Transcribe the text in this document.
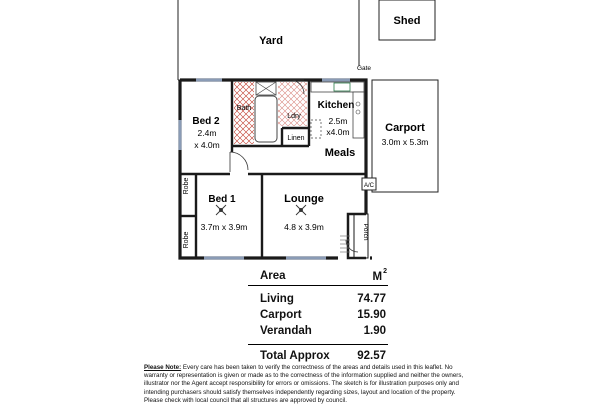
Shed
Yard
Gate
Kitchen
2.5m
x4.0m
Bath
Ldry
Linen
Meals
Bed 2
2.4m
x 4.0m
Carport
3.0m x 5.3m
A/C
Robe
Robe
Bed 1
3.7m x 3.9m
Lounge
4.8 x 3.9m	Porch
Area	$M^2$
Living	74.77
Carport	15.90
Verandah	1.90
Total Approx 92.57
Please Note: Every care has been taken to verify the correctness of the areas and details used in this leaflet. No warranty or representation is given or made as to the correctness of the information supplied and neither the owners, illustrator nor the Agent accept responsibility for errors or omissions. The sketch is for illustration purposes only and intending purchasers should satisfy themselves independently regarding sizes, layout and location of the property. Please check with local council that all structures are approved by council.
